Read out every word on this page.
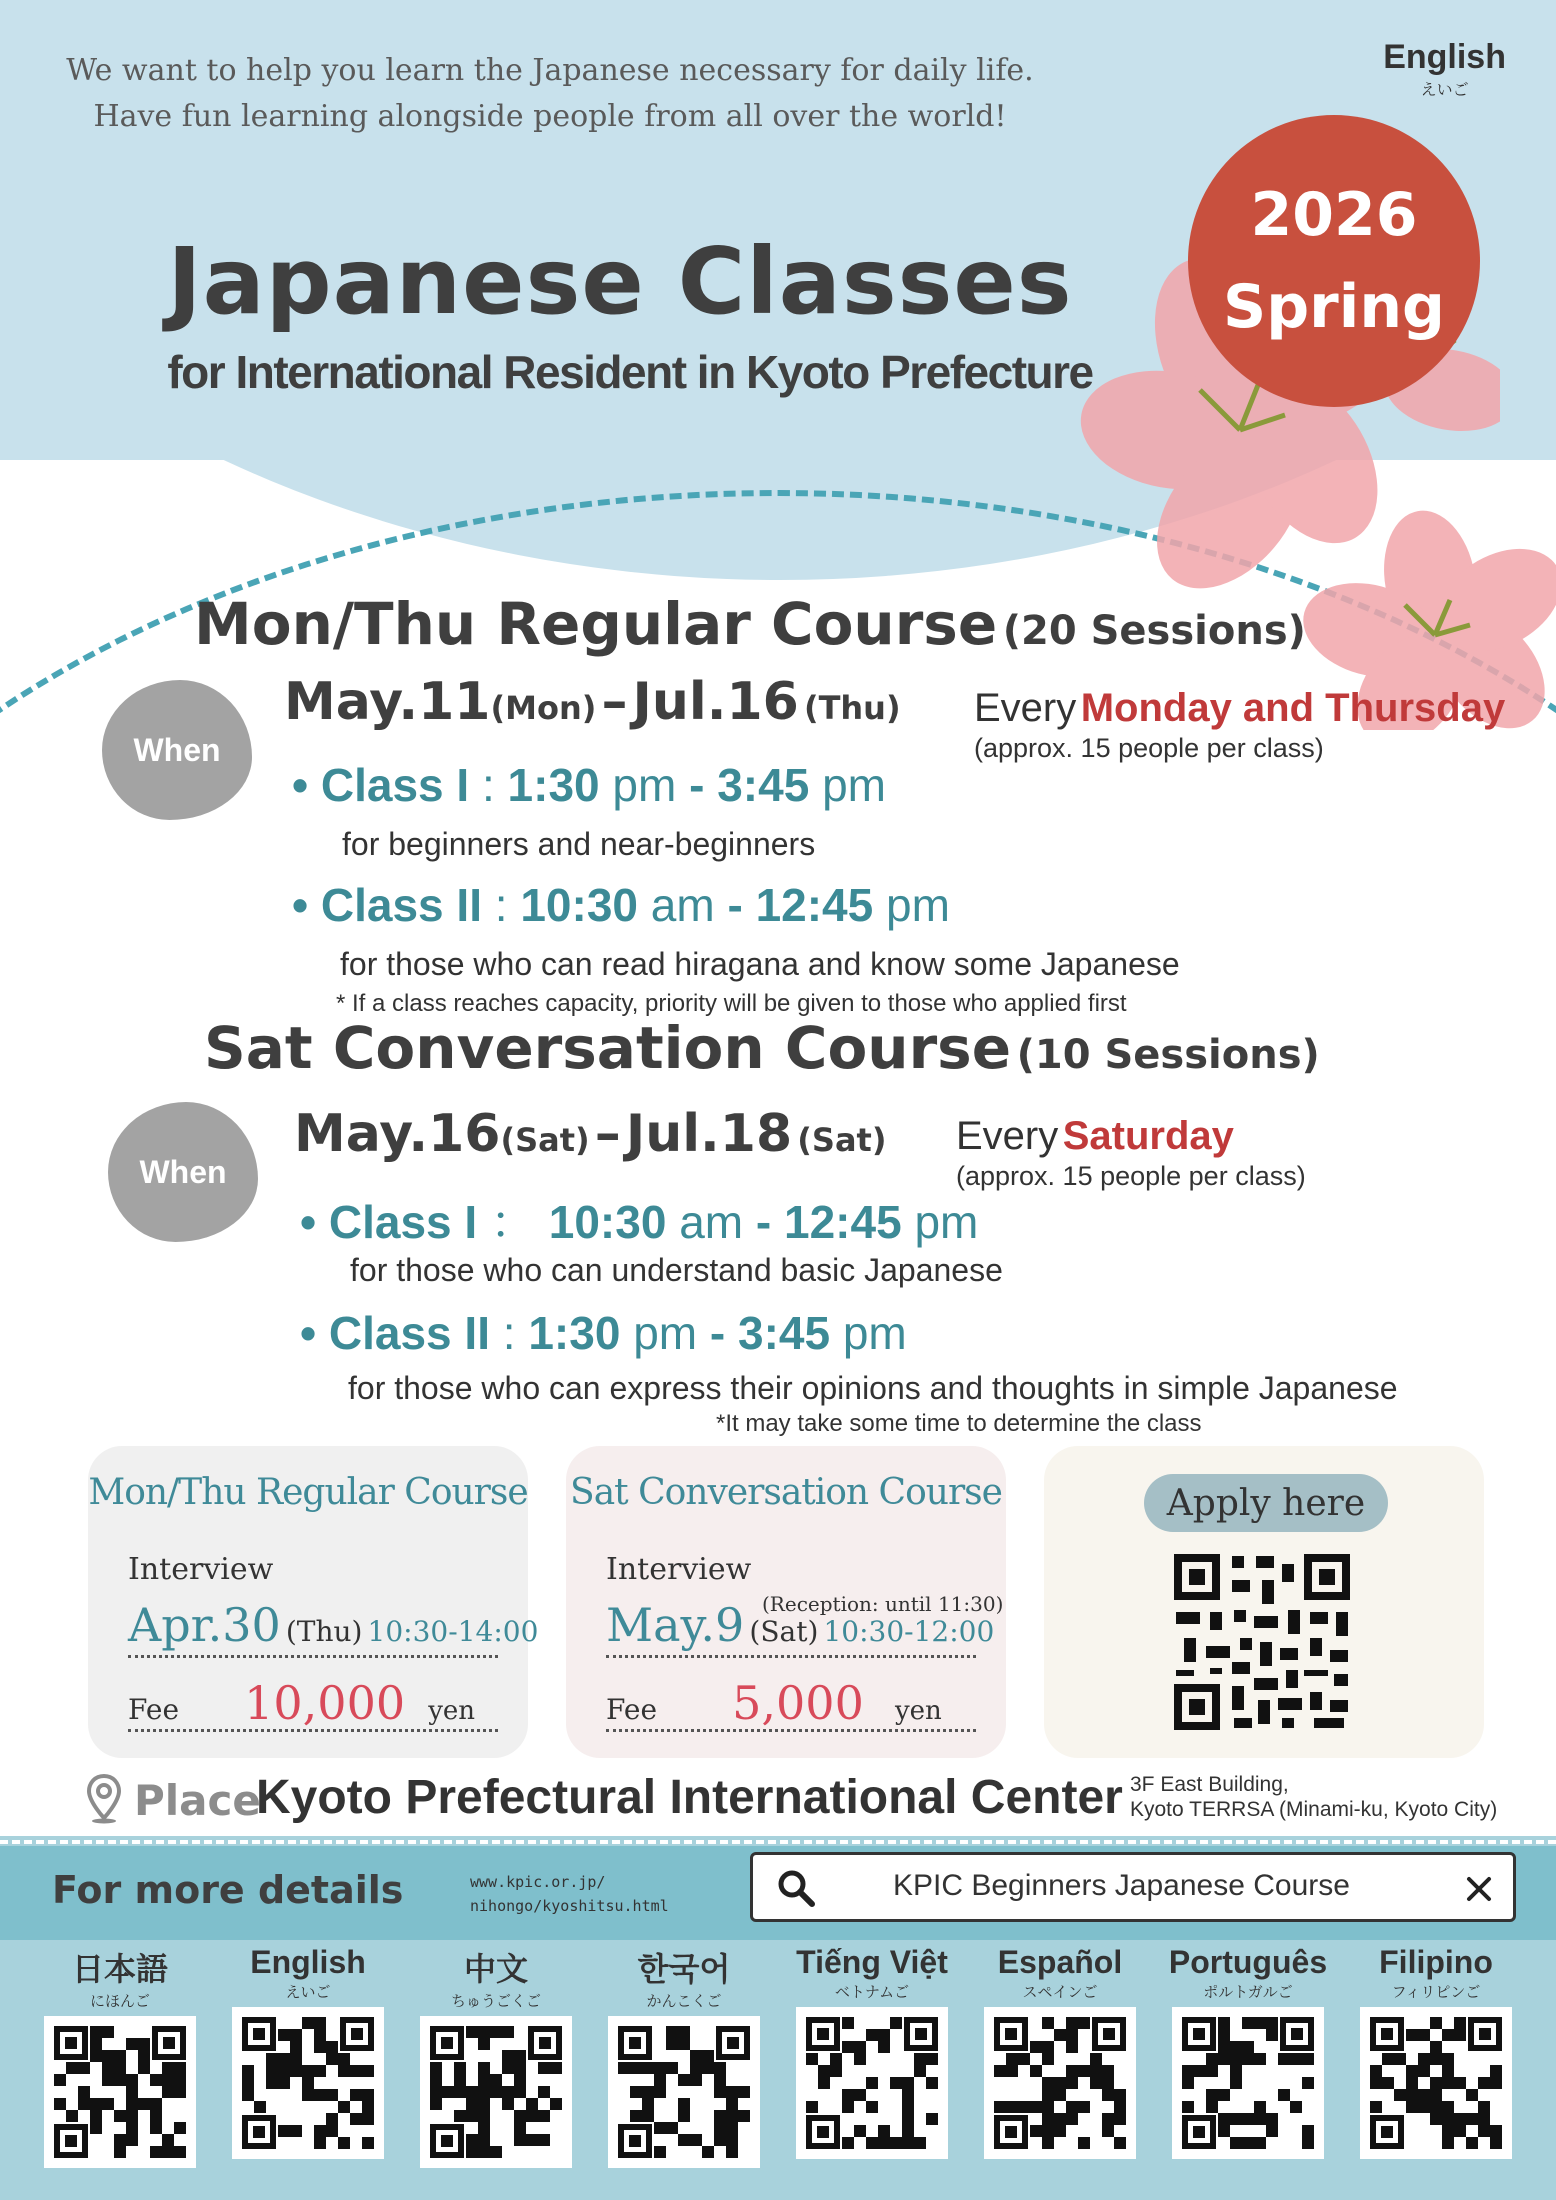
We want to help you learn the Japanese necessary for daily life.
Have fun learning alongside people from all over the world!
English
えいご
2026
Spring
Japanese Classes
for International Resident in Kyoto Prefecture
Mon/Thu Regular Course (20 Sessions)
When
May.11(Mon) – Jul.16 (Thu) Every Monday and Thursday
(approx. 15 people per class)
• Class I : 1:30 pm - 3:45 pm
for beginners and near-beginners
• Class II : 10:30 am - 12:45 pm
for those who can read hiragana and know some Japanese
* If a class reaches capacity, priority will be given to those who applied first
Sat Conversation Course (10 Sessions)
When
May.16(Sat) – Jul.18 (Sat) Every Saturday
(approx. 15 people per class)
• Class I ： 10:30 am - 12:45 pm
for those who can understand basic Japanese
• Class II : 1:30 pm - 3:45 pm
for those who can express their opinions and thoughts in simple Japanese
*It may take some time to determine the class
Mon/Thu Regular Course
Interview
Apr.30 (Thu) 10:30-14:00
Fee 10,000 yen
Sat Conversation Course
Interview
(Reception: until 11:30)
May.9 (Sat) 10:30-12:00
Fee 5,000 yen
Apply here
Place
Kyoto Prefectural International Center 3F East Building,
Kyoto TERRSA (Minami-ku, Kyoto City)
For more details	www.kpic.or.jp/
nihongo/kyoshitsu.html
KPIC Beginners Japanese Course
日本語
にほんご
English
えいご
中文
ちゅうごくご
한국어
かんこくご
Tiếng Việt
ベトナムご
Español
スペインご
Português
ポルトガルご
Filipino
フィリピンご
